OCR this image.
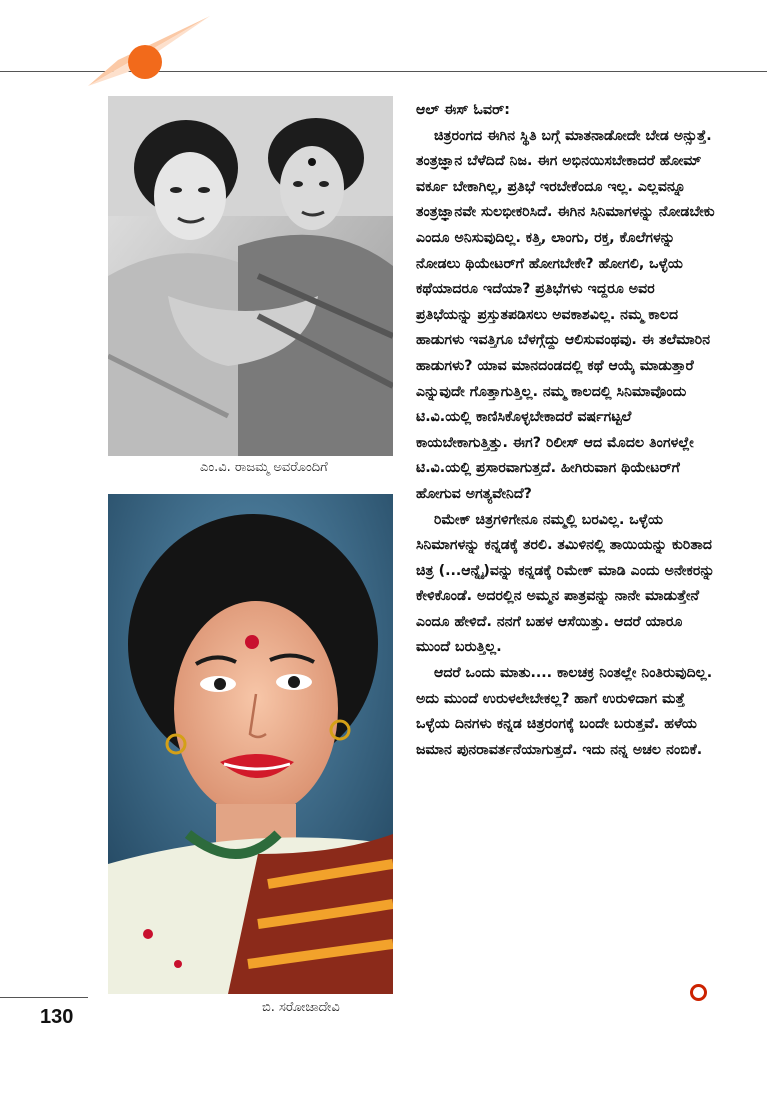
ಎಂ.ವಿ. ರಾಜಮ್ಮ ಅವರೊಂದಿಗೆ
ಬಿ. ಸರೋಜಾದೇವಿ
ಆಲ್ ಈಸ್ ಓವರ್:

ಚಿತ್ರರಂಗದ ಈಗಿನ ಸ್ಥಿತಿ ಬಗ್ಗೆ ಮಾತನಾಡೋದೇ ಬೇಡ ಅನ್ಸುತ್ತೆ. ತಂತ್ರಜ್ಞಾನ ಬೆಳೆದಿದೆ ನಿಜ. ಈಗ ಅಭಿನಯಿಸಬೇಕಾದರೆ ಹೋಮ್ ವರ್ಕೂ ಬೇಕಾಗಿಲ್ಲ, ಪ್ರತಿಭೆ ಇರಬೇಕೆಂದೂ ಇಲ್ಲ. ಎಲ್ಲವನ್ನೂ ತಂತ್ರಜ್ಞಾನವೇ ಸುಲಭೀಕರಿಸಿದೆ. ಈಗಿನ ಸಿನಿಮಾಗಳನ್ನು ನೋಡಬೇಕು ಎಂದೂ ಅನಿಸುವುದಿಲ್ಲ. ಕತ್ತಿ, ಲಾಂಗು, ರಕ್ತ, ಕೊಲೆಗಳನ್ನು ನೋಡಲು ಥಿಯೇಟರ್‌ಗೆ ಹೋಗಬೇಕೇ? ಹೋಗಲಿ, ಒಳ್ಳೆಯ ಕಥೆಯಾದರೂ ಇದೆಯಾ? ಪ್ರತಿಭೆಗಳು ಇದ್ದರೂ ಅವರ ಪ್ರತಿಭೆಯನ್ನು ಪ್ರಸ್ತುತಪಡಿಸಲು ಅವಕಾಶವಿಲ್ಲ. ನಮ್ಮ ಕಾಲದ ಹಾಡುಗಳು ಇವತ್ತಿಗೂ ಬೆಳಗ್ಗೆದ್ದು ಆಲಿಸುವಂಥವು. ಈ ತಲೆಮಾರಿನ ಹಾಡುಗಳು? ಯಾವ ಮಾನದಂಡದಲ್ಲಿ ಕಥೆ ಆಯ್ಕೆ ಮಾಡುತ್ತಾರೆ ಎನ್ನುವುದೇ ಗೊತ್ತಾಗುತ್ತಿಲ್ಲ. ನಮ್ಮ ಕಾಲದಲ್ಲಿ ಸಿನಿಮಾವೊಂದು ಟಿ.ವಿ.ಯಲ್ಲಿ ಕಾಣಿಸಿಕೊಳ್ಳಬೇಕಾದರೆ ವರ್ಷಗಟ್ಟಲೆ ಕಾಯಬೇಕಾಗುತ್ತಿತ್ತು. ಈಗ? ರಿಲೀಸ್ ಆದ ಮೊದಲ ತಿಂಗಳಲ್ಲೇ ಟಿ.ವಿ.ಯಲ್ಲಿ ಪ್ರಸಾರವಾಗುತ್ತದೆ. ಹೀಗಿರುವಾಗ ಥಿಯೇಟರ್‌ಗೆ ಹೋಗುವ ಅಗತ್ಯವೇನಿದೆ?

ರಿಮೇಕ್ ಚಿತ್ರಗಳಿಗೇನೂ ನಮ್ಮಲ್ಲಿ ಬರವಿಲ್ಲ. ಒಳ್ಳೆಯ ಸಿನಿಮಾಗಳನ್ನು ಕನ್ನಡಕ್ಕೆ ತರಲಿ. ತಮಿಳಿನಲ್ಲಿ ತಾಯಿಯನ್ನು ಕುರಿತಾದ ಚಿತ್ರ (...ಆನ್ನೈ)ವನ್ನು ಕನ್ನಡಕ್ಕೆ ರಿಮೇಕ್ ಮಾಡಿ ಎಂದು ಅನೇಕರನ್ನು ಕೇಳಿಕೊಂಡೆ. ಅದರಲ್ಲಿನ ಅಮ್ಮನ ಪಾತ್ರವನ್ನು ನಾನೇ ಮಾಡುತ್ತೇನೆ ಎಂದೂ ಹೇಳಿದೆ. ನನಗೆ ಬಹಳ ಆಸೆಯಿತ್ತು. ಆದರೆ ಯಾರೂ ಮುಂದೆ ಬರುತ್ತಿಲ್ಲ.

ಆದರೆ ಒಂದು ಮಾತು.... ಕಾಲಚಕ್ರ ನಿಂತಲ್ಲೇ ನಿಂತಿರುವುದಿಲ್ಲ. ಅದು ಮುಂದೆ ಉರುಳಲೇಬೇಕಲ್ಲ? ಹಾಗೆ ಉರುಳಿದಾಗ ಮತ್ತೆ ಒಳ್ಳೆಯ ದಿನಗಳು ಕನ್ನಡ ಚಿತ್ರರಂಗಕ್ಕೆ ಬಂದೇ ಬರುತ್ತವೆ. ಹಳೆಯ ಜಮಾನ ಪುನರಾವರ್ತನೆಯಾಗುತ್ತದೆ. ಇದು ನನ್ನ ಅಚಲ ನಂಬಿಕೆ.

130
